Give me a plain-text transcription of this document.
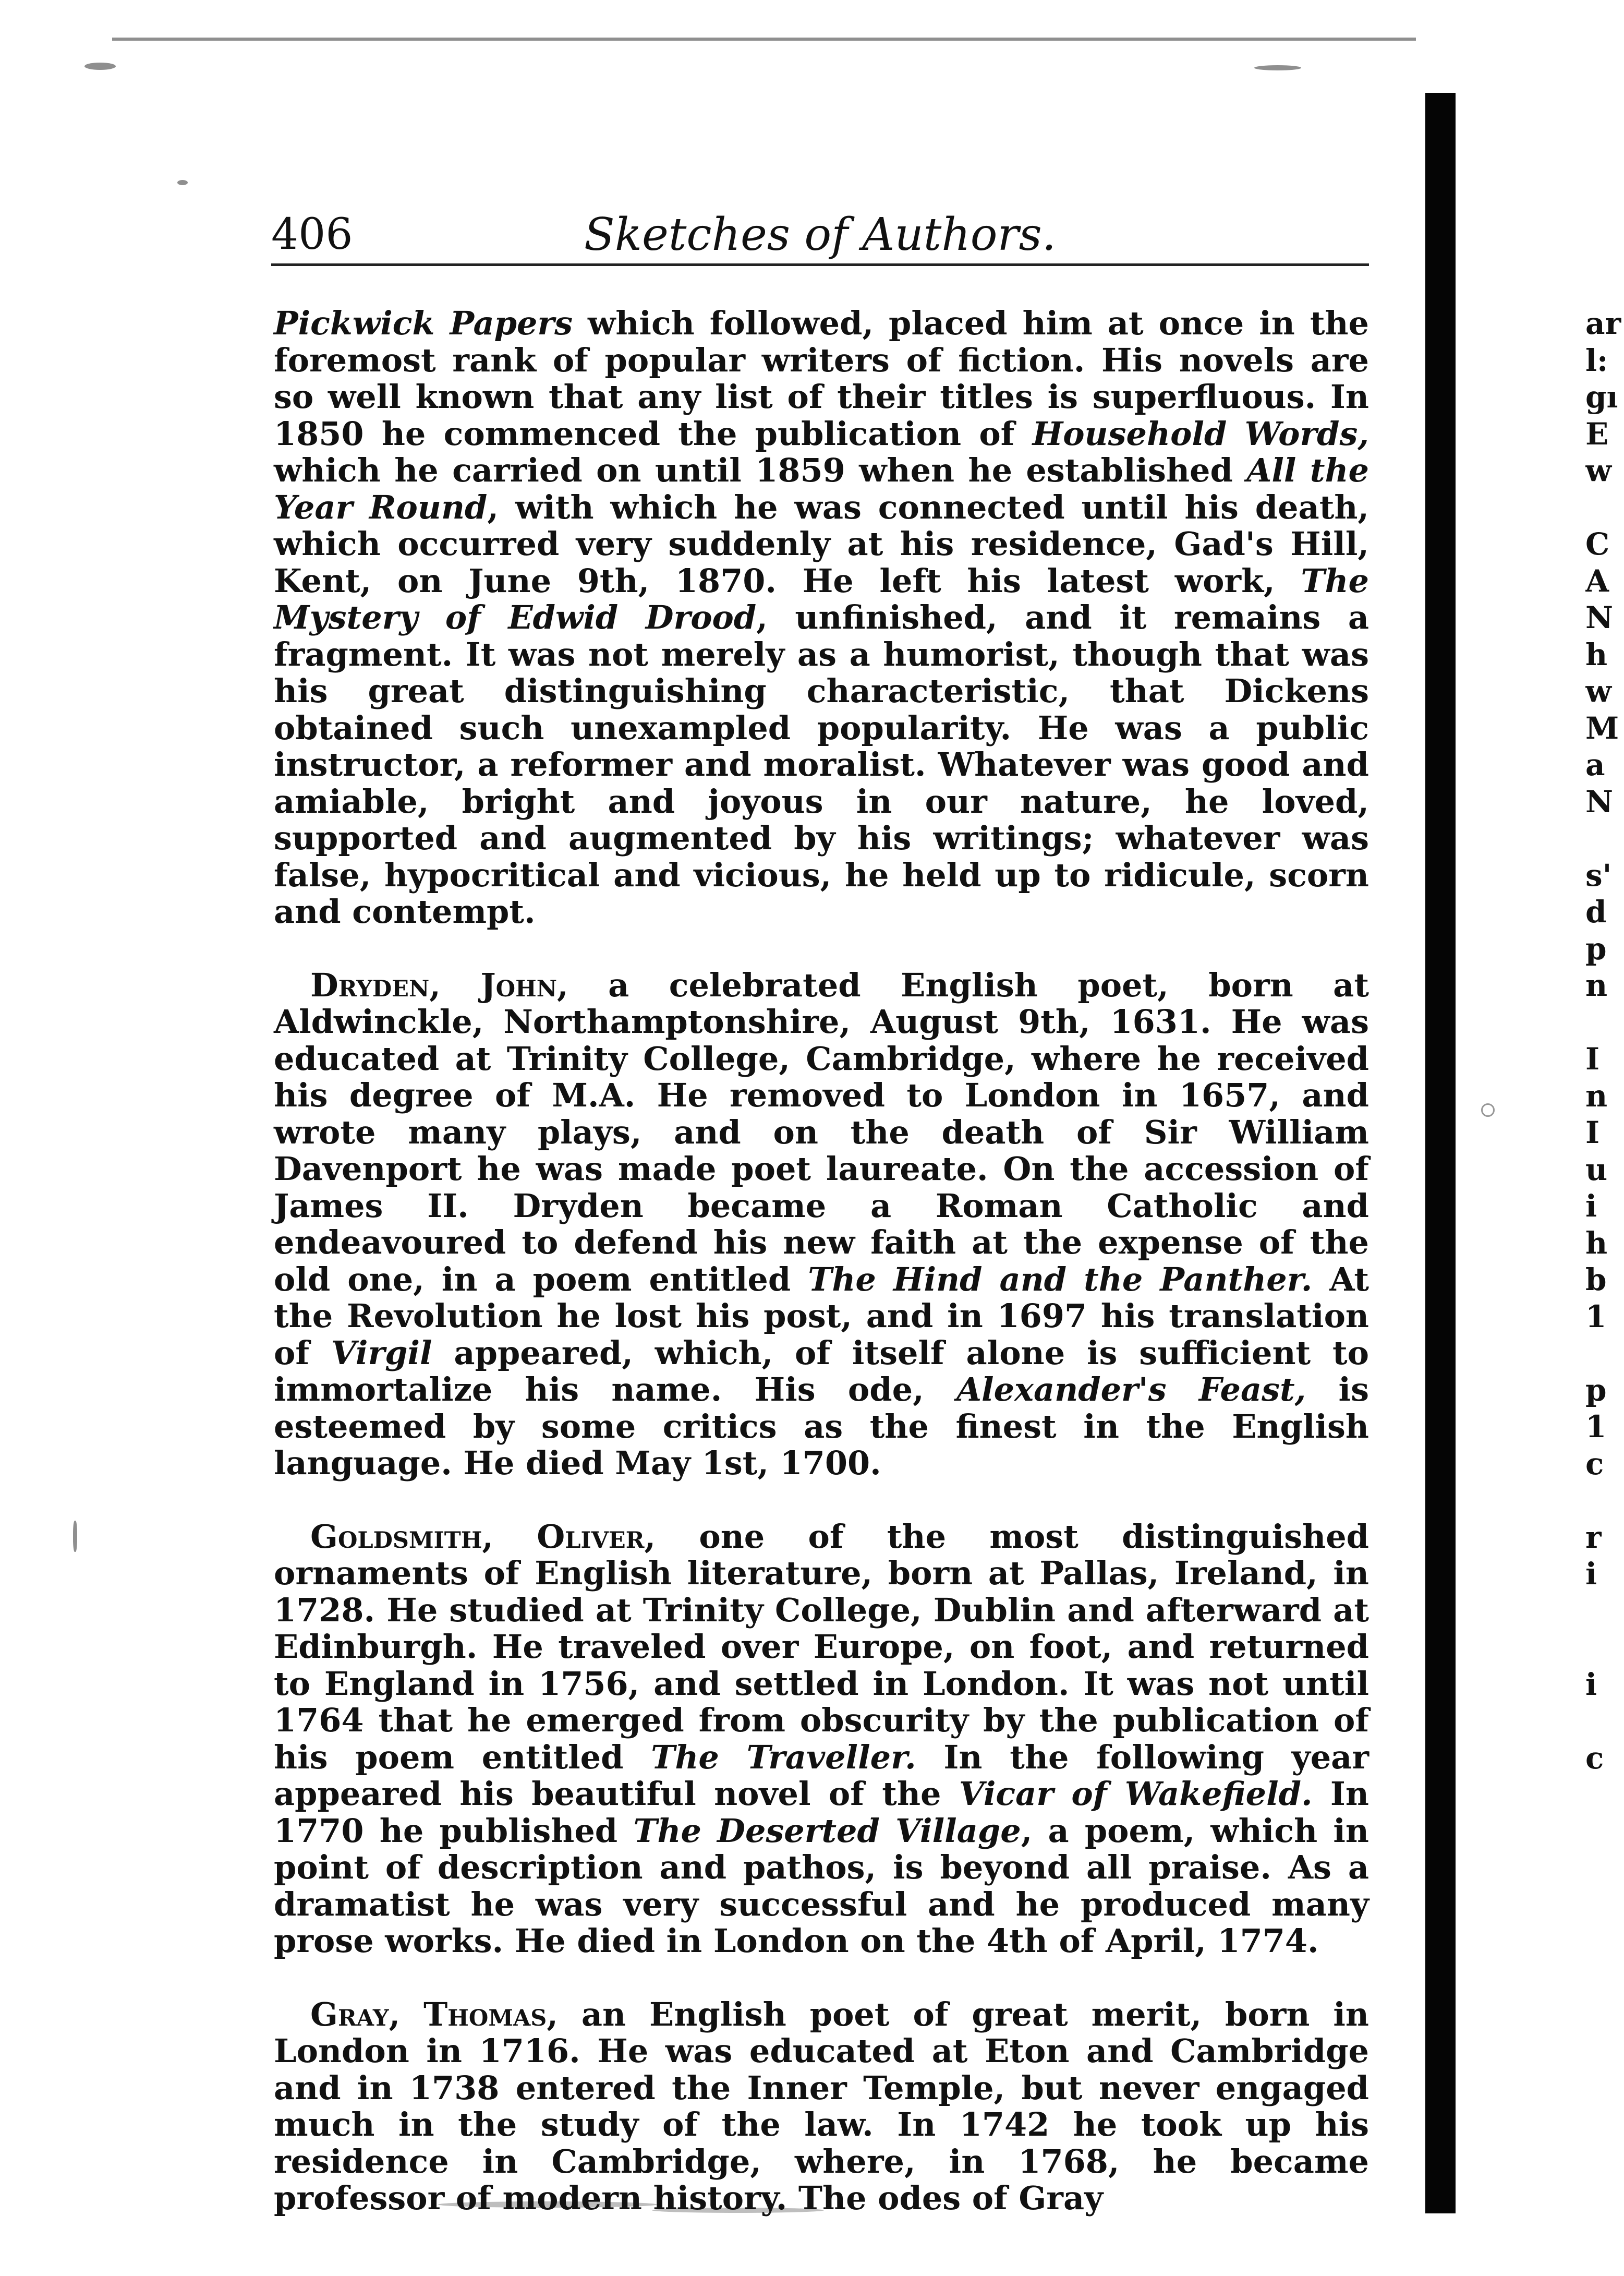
406	Sketches of Authors.

Pickwick Papers which followed, placed him at once in the foremost rank of popular writers of fiction. His novels are so well known that any list of their titles is superfluous. In 1850 he commenced the publication of Household Words, which he carried on until 1859 when he established All the Year Round, with which he was connected until his death, which occurred very suddenly at his residence, Gad's Hill, Kent, on June 9th, 1870. He left his latest work, The Mystery of Edwid Drood, unfinished, and it remains a fragment. It was not merely as a humorist, though that was his great distinguishing characteristic, that Dickens obtained such unexampled popularity. He was a public instructor, a reformer and moralist. Whatever was good and amiable, bright and joyous in our nature, he loved, supported and augmented by his writings; whatever was false, hypocritical and vicious, he held up to ridicule, scorn and contempt.

Dryden, John, a celebrated English poet, born at Aldwinckle, Northamptonshire, August 9th, 1631. He was educated at Trinity College, Cambridge, where he received his degree of M.A. He removed to London in 1657, and wrote many plays, and on the death of Sir William Davenport he was made poet laureate. On the accession of James II. Dryden became a Roman Catholic and endeavoured to defend his new faith at the expense of the old one, in a poem entitled The Hind and the Panther. At the Revolution he lost his post, and in 1697 his translation of Virgil appeared, which, of itself alone is sufficient to immortalize his name. His ode, Alexander's Feast, is esteemed by some critics as the finest in the English language. He died May 1st, 1700.

Goldsmith, Oliver, one of the most distinguished ornaments of English literature, born at Pallas, Ireland, in 1728. He studied at Trinity College, Dublin and afterward at Edinburgh. He traveled over Europe, on foot, and returned to England in 1756, and settled in London. It was not until 1764 that he emerged from obscurity by the publication of his poem entitled The Traveller. In the following year appeared his beautiful novel of the Vicar of Wakefield. In 1770 he published The Deserted Village, a poem, which in point of description and pathos, is beyond all praise. As a dramatist he was very successful and he produced many prose works. He died in London on the 4th of April, 1774.

Gray, Thomas, an English poet of great merit, born in London in 1716. He was educated at Eton and Cambridge and in 1738 entered the Inner Temple, but never engaged much in the study of the law. In 1742 he took up his residence in Cambridge, where, in 1768, he became professor of modern history. The odes of Gray

ar
l:
gı
E
w
C
A
N
h
w
M
a
N
s'
d
p
n
I
n
I
u
i
h
b
1
p
1
c
r
i
i
c
